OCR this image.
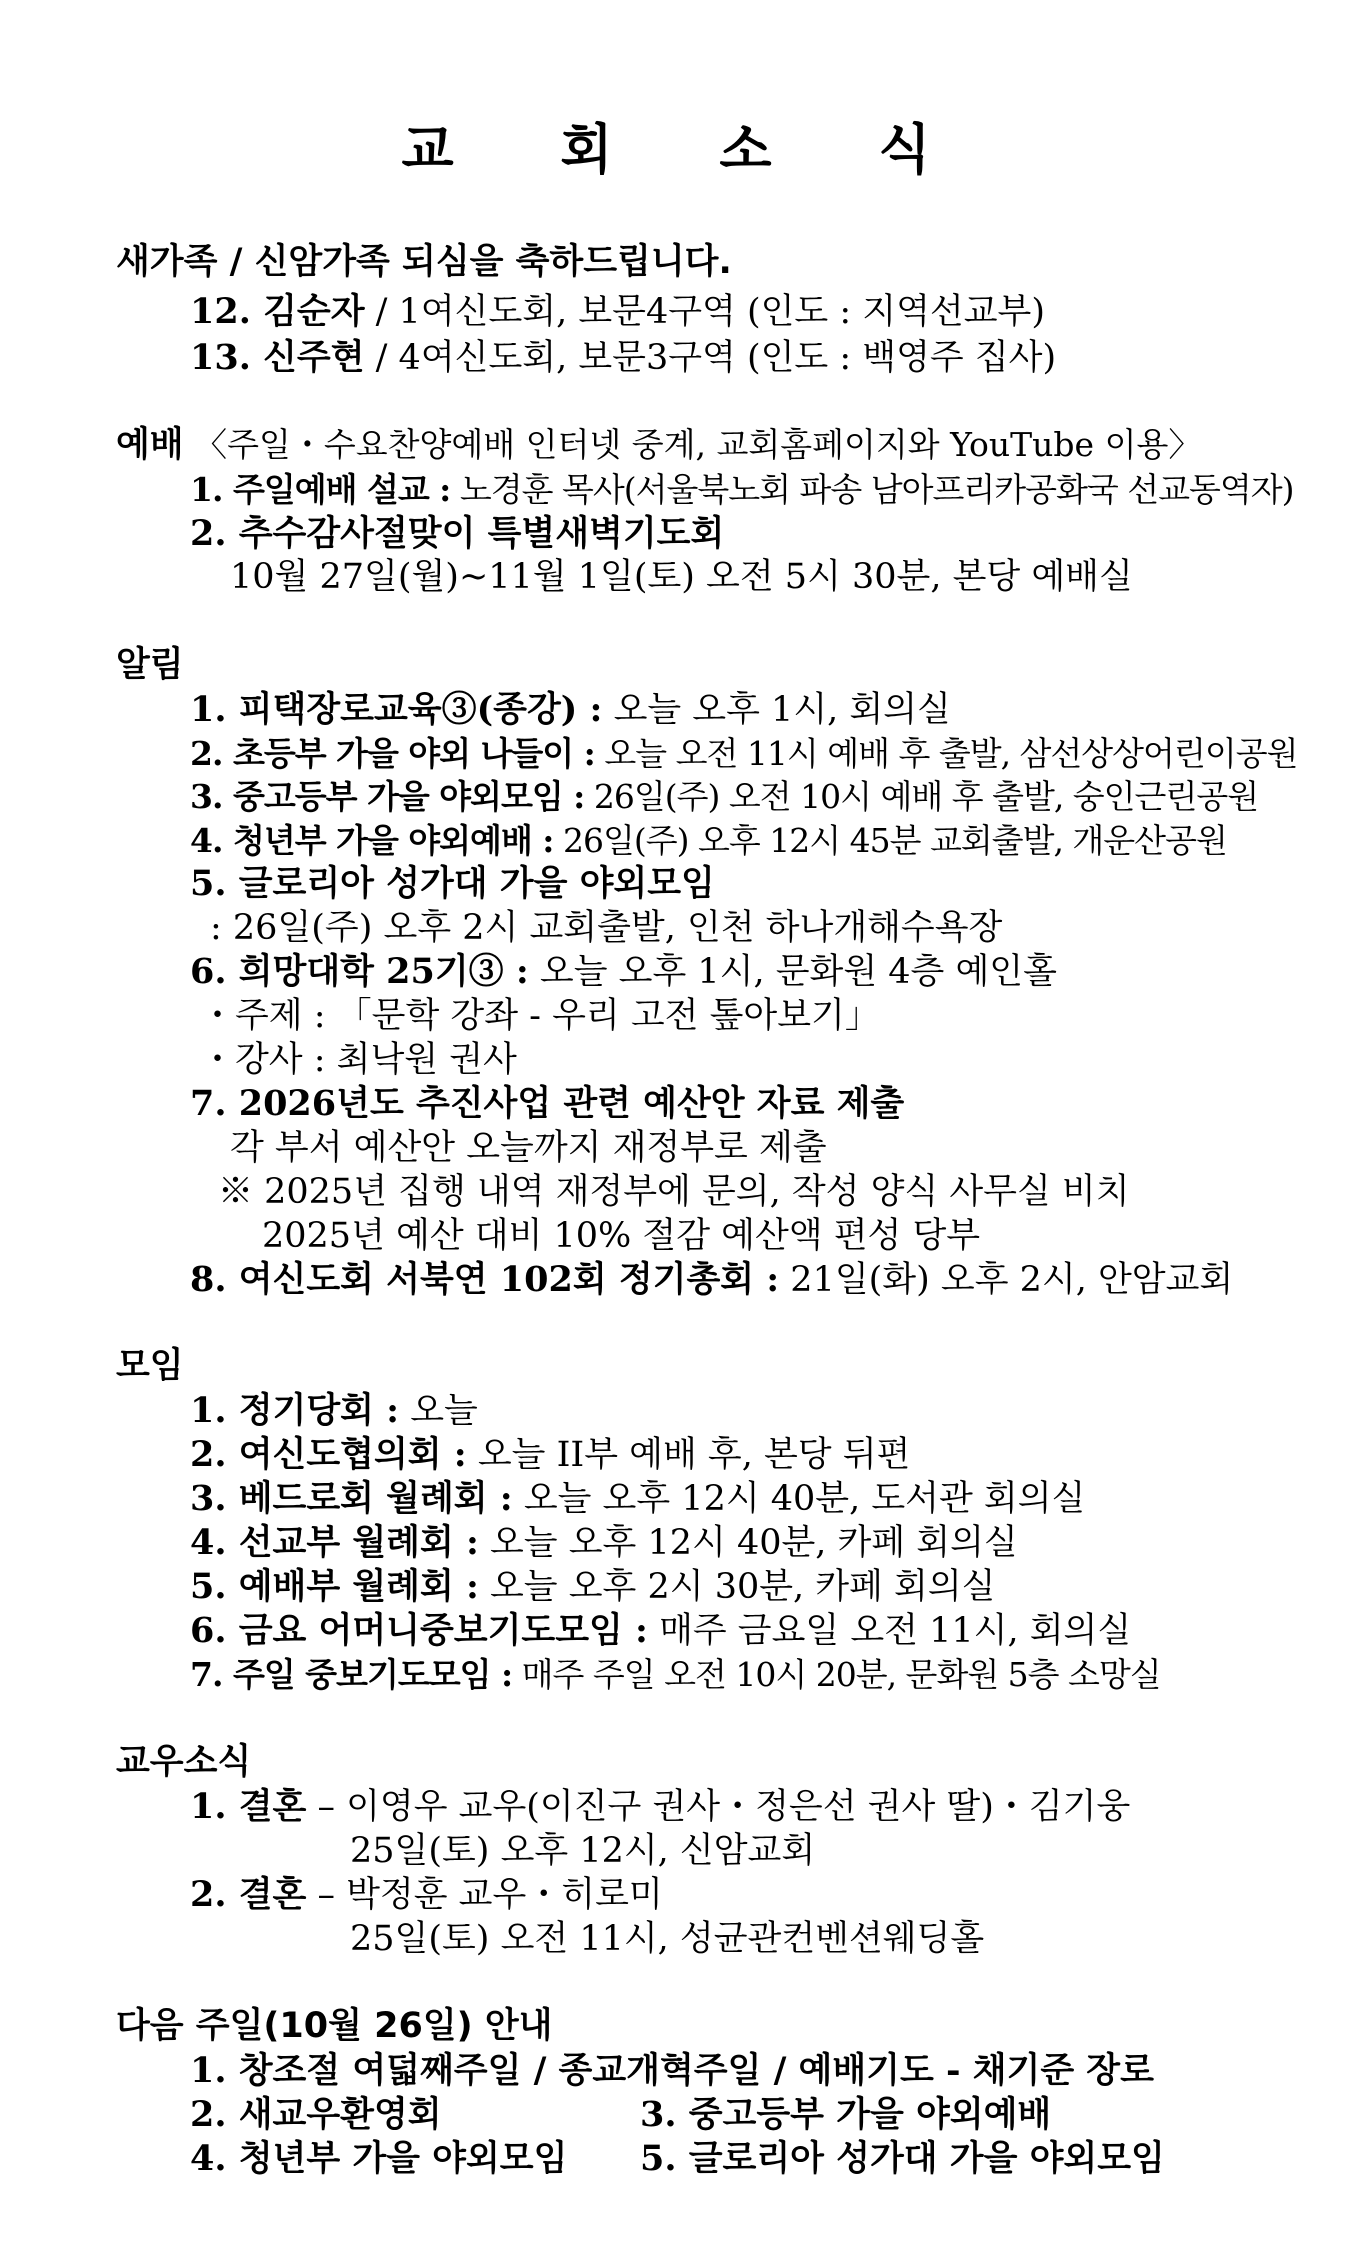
교 회 소 식
새가족 / 신암가족 되심을 축하드립니다.
12. 김순자 / 1여신도회, 보문4구역 (인도 : 지역선교부)
13. 신주현 / 4여신도회, 보문3구역 (인도 : 백영주 집사)
예배 〈주일・수요찬양예배 인터넷 중계, 교회홈페이지와 YouTube 이용〉
1. 주일예배 설교 : 노경훈 목사(서울북노회 파송 남아프리카공화국 선교동역자)
2. 추수감사절맞이 특별새벽기도회
10월 27일(월)~11월 1일(토) 오전 5시 30분, 본당 예배실
알림
1. 피택장로교육③(종강) : 오늘 오후 1시, 회의실
2. 초등부 가을 야외 나들이 : 오늘 오전 11시 예배 후 출발, 삼선상상어린이공원
3. 중고등부 가을 야외모임 : 26일(주) 오전 10시 예배 후 출발, 숭인근린공원
4. 청년부 가을 야외예배 : 26일(주) 오후 12시 45분 교회출발, 개운산공원
5. 글로리아 성가대 가을 야외모임
: 26일(주) 오후 2시 교회출발, 인천 하나개해수욕장
6. 희망대학 25기③ : 오늘 오후 1시, 문화원 4층 예인홀
・주제 : 「문학 강좌 - 우리 고전 톺아보기」
・강사 : 최낙원 권사
7. 2026년도 추진사업 관련 예산안 자료 제출
각 부서 예산안 오늘까지 재정부로 제출
※ 2025년 집행 내역 재정부에 문의, 작성 양식 사무실 비치
2025년 예산 대비 10% 절감 예산액 편성 당부
8. 여신도회 서북연 102회 정기총회 : 21일(화) 오후 2시, 안암교회
모임
1. 정기당회 : 오늘
2. 여신도협의회 : 오늘 II부 예배 후, 본당 뒤편
3. 베드로회 월례회 : 오늘 오후 12시 40분, 도서관 회의실
4. 선교부 월례회 : 오늘 오후 12시 40분, 카페 회의실
5. 예배부 월례회 : 오늘 오후 2시 30분, 카페 회의실
6. 금요 어머니중보기도모임 : 매주 금요일 오전 11시, 회의실
7. 주일 중보기도모임 : 매주 주일 오전 10시 20분, 문화원 5층 소망실
교우소식
1. 결혼 – 이영우 교우(이진구 권사・정은선 권사 딸)・김기웅
25일(토) 오후 12시, 신암교회
2. 결혼 – 박정훈 교우・히로미
25일(토) 오전 11시, 성균관컨벤션웨딩홀
다음 주일(10월 26일) 안내
1. 창조절 여덟째주일 / 종교개혁주일 / 예배기도 - 채기준 장로
2. 새교우환영회	3. 중고등부 가을 야외예배
4. 청년부 가을 야외모임 5. 글로리아 성가대 가을 야외모임
